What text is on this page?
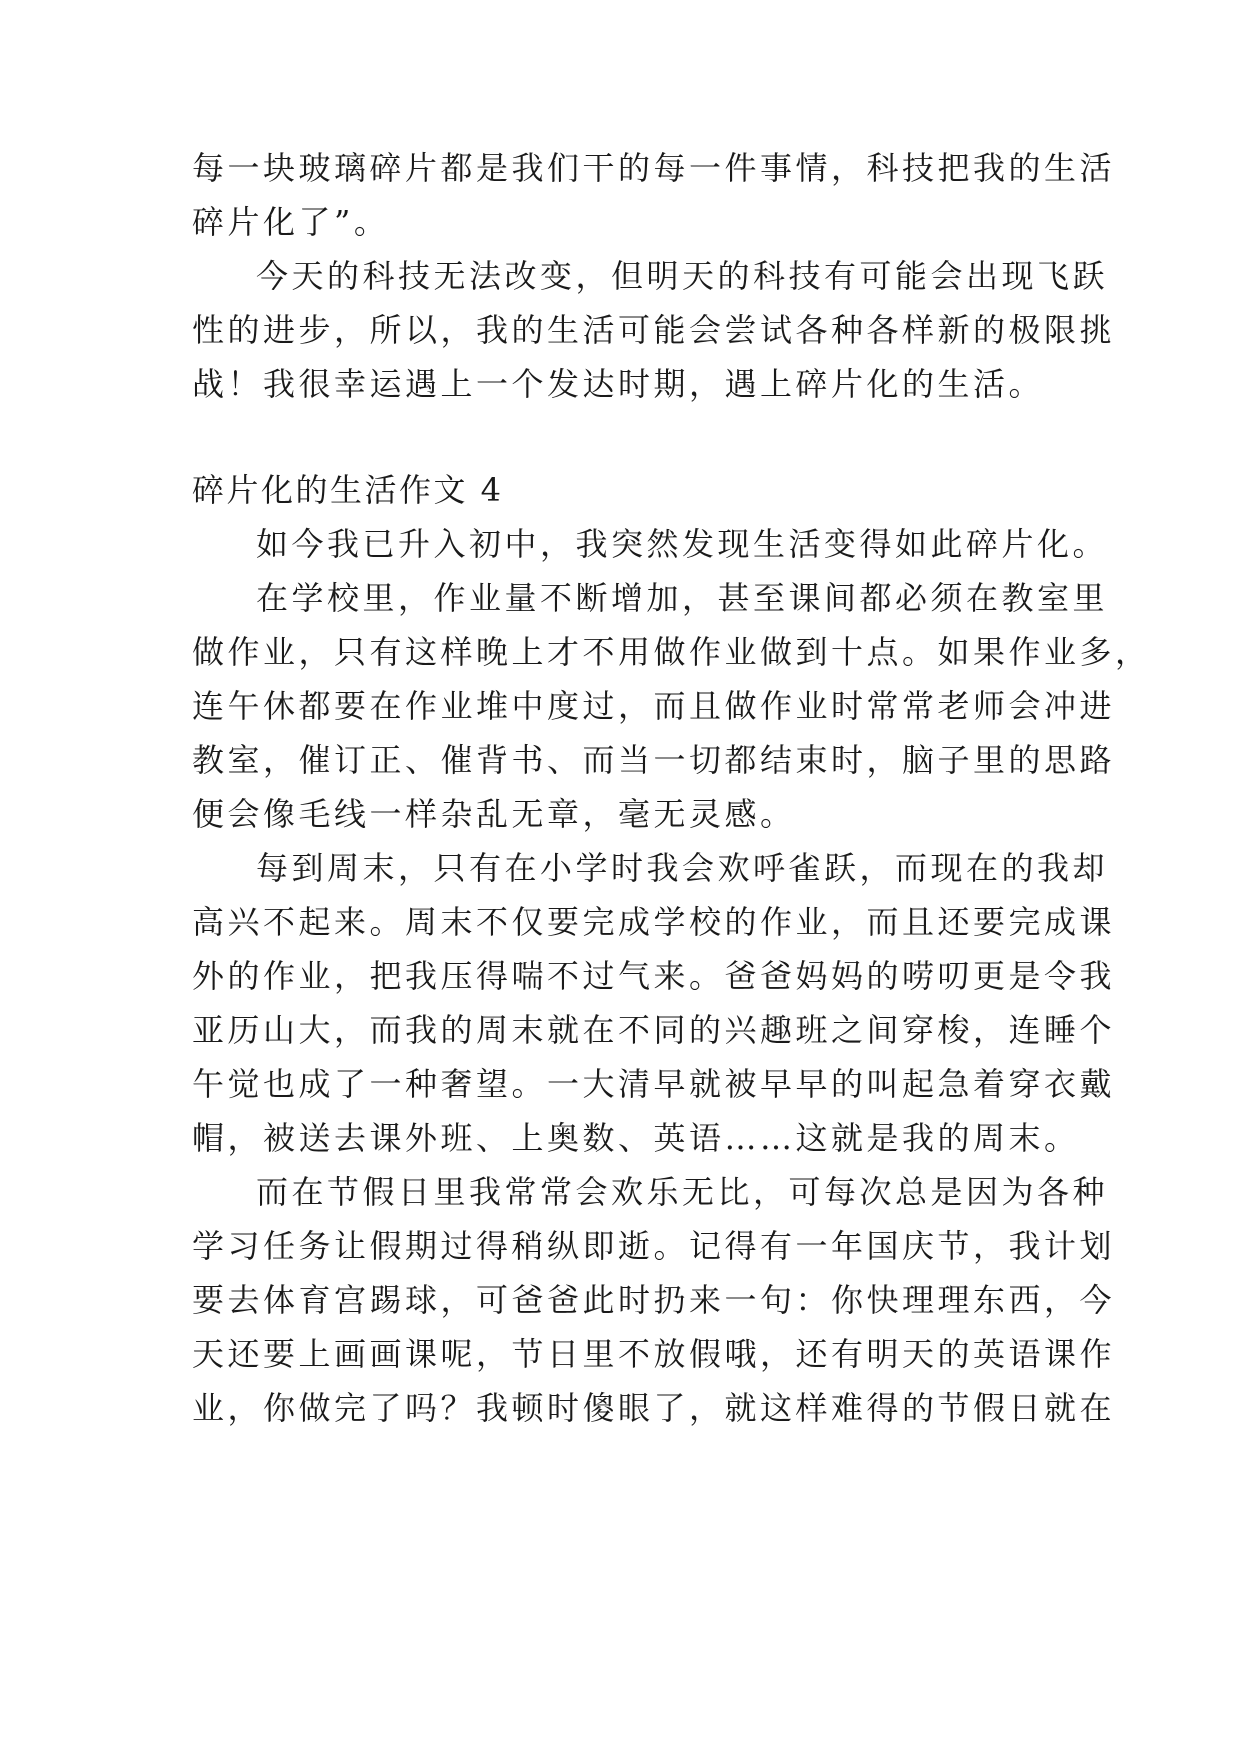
每一块玻璃碎片都是我们干的每一件事情，科技把我的生活
碎片化了”。
今天的科技无法改变，但明天的科技有可能会出现飞跃
性的进步，所以，我的生活可能会尝试各种各样新的极限挑
战！我很幸运遇上一个发达时期，遇上碎片化的生活。
碎片化的生活作文 4
如今我已升入初中，我突然发现生活变得如此碎片化。
在学校里，作业量不断增加，甚至课间都必须在教室里
做作业，只有这样晚上才不用做作业做到十点。如果作业多，
连午休都要在作业堆中度过，而且做作业时常常老师会冲进
教室，催订正、催背书、而当一切都结束时，脑子里的思路
便会像毛线一样杂乱无章，毫无灵感。
每到周末，只有在小学时我会欢呼雀跃，而现在的我却
高兴不起来。周末不仅要完成学校的作业，而且还要完成课
外的作业，把我压得喘不过气来。爸爸妈妈的唠叨更是令我
亚历山大，而我的周末就在不同的兴趣班之间穿梭，连睡个
午觉也成了一种奢望。一大清早就被早早的叫起急着穿衣戴
帽，被送去课外班、上奥数、英语……这就是我的周末。
而在节假日里我常常会欢乐无比，可每次总是因为各种
学习任务让假期过得稍纵即逝。记得有一年国庆节，我计划
要去体育宫踢球，可爸爸此时扔来一句：你快理理东西，今
天还要上画画课呢，节日里不放假哦，还有明天的英语课作
业，你做完了吗？我顿时傻眼了，就这样难得的节假日就在
